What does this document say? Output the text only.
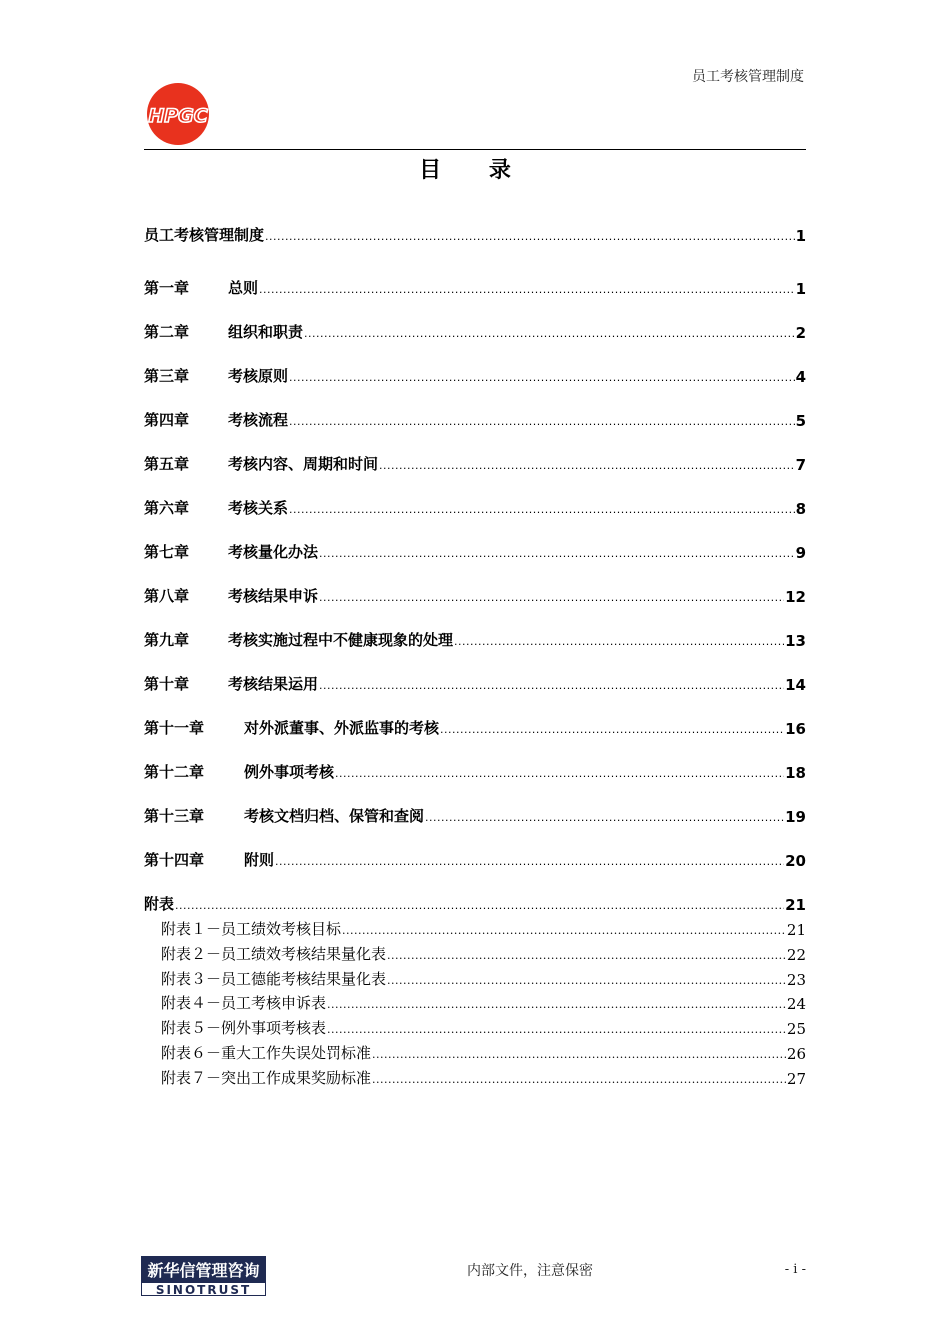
员工考核管理制度
HPGC
目 录
员工考核管理制度 .....	1
第一章	总则 .....	1
第二章	组织和职责 .....	2
第三章	考核原则 .....	4
第四章	考核流程 .....	5
第五章	考核内容、周期和时间 .....	7
第六章	考核关系 .....	8
第七章	考核量化办法 .....	9
第八章	考核结果申诉 .....	12
第九章	考核实施过程中不健康现象的处理 .....	13
第十章	考核结果运用 .....	14
第十一章	对外派董事、外派监事的考核 .....	16
第十二章	例外事项考核 .....	18
第十三章	考核文档归档、保管和查阅 .....	19
第十四章	附则 .....	20
附表 .....	21
附表１－员工绩效考核目标 .....	21
附表２－员工绩效考核结果量化表 .....	22
附表３－员工德能考核结果量化表 .....	23
附表４－员工考核申诉表 .....	24
附表５－例外事项考核表 .....	25
附表６－重大工作失误处罚标准 .....	26
附表７－突出工作成果奖励标准 .....	27
新华信管理咨询
SINOTRUST
内部文件，注意保密	- i -
